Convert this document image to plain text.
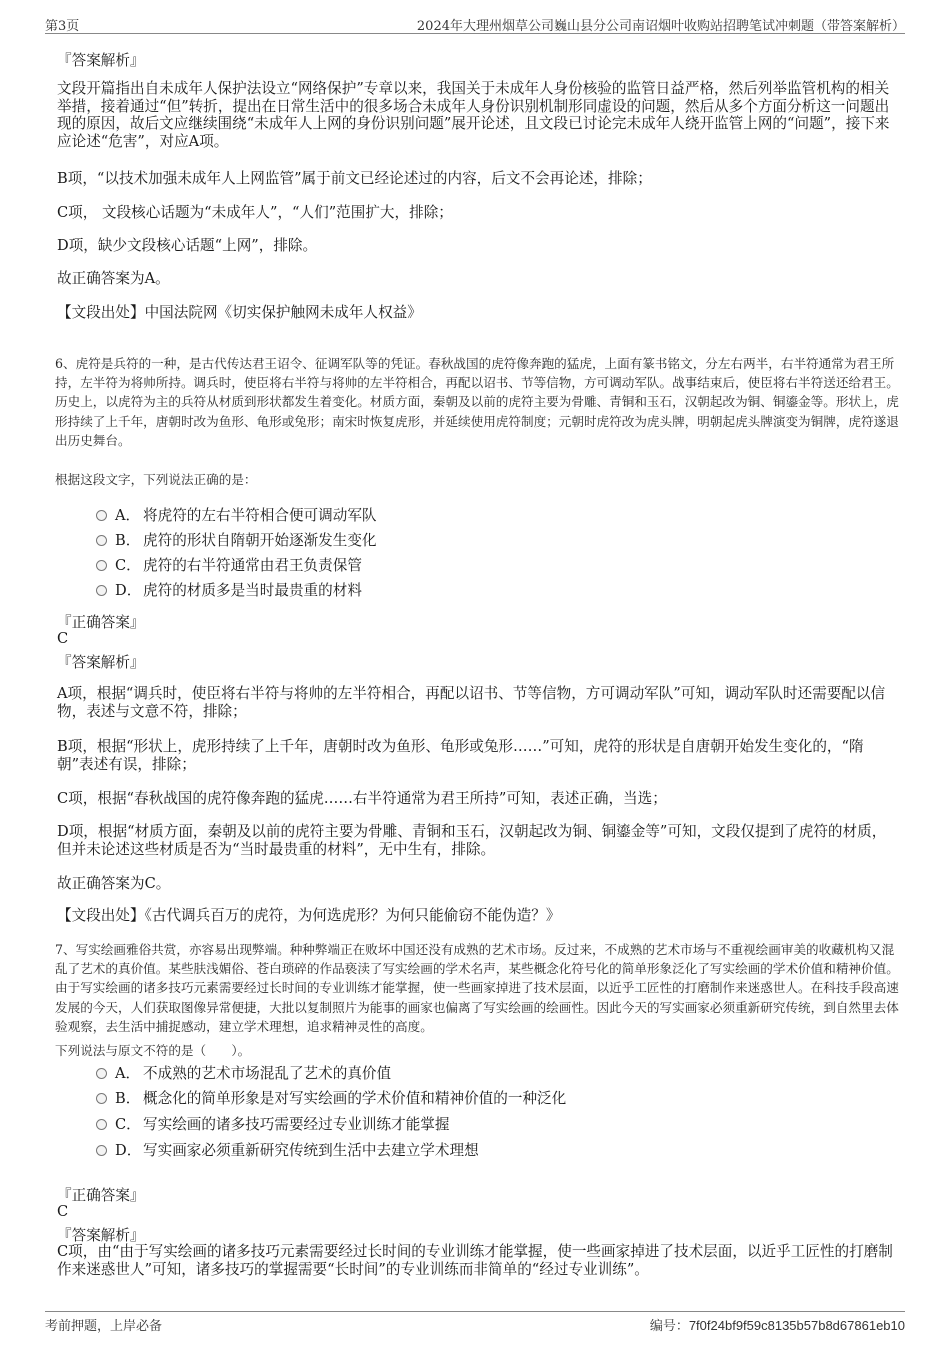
第3页	2024年大理州烟草公司巍山县分公司南诏烟叶收购站招聘笔试冲刺题（带答案解析）
『答案解析』
文段开篇指出自未成年人保护法设立“网络保护”专章以来，我国关于未成年人身份核验的监管日益严格，然后列举监管机构的相关举措，接着通过“但”转折，提出在日常生活中的很多场合未成年人身份识别机制形同虚设的问题，然后从多个方面分析这一问题出现的原因，故后文应继续围绕“未成年人上网的身份识别问题”展开论述，且文段已讨论完未成年人绕开监管上网的“问题”，接下来应论述“危害”，对应A项。
B项，“以技术加强未成年人上网监管”属于前文已经论述过的内容，后文不会再论述，排除；
C项， 文段核心话题为“未成年人”，“人们”范围扩大，排除；
D项，缺少文段核心话题“上网”，排除。
故正确答案为A。
【文段出处】中国法院网《切实保护触网未成年人权益》
6、虎符是兵符的一种，是古代传达君王诏令、征调军队等的凭证。春秋战国的虎符像奔跑的猛虎，上面有篆书铭文，分左右两半，右半符通常为君王所持，左半符为将帅所持。调兵时，使臣将右半符与将帅的左半符相合，再配以诏书、节等信物，方可调动军队。战事结束后，使臣将右半符送还给君王。历史上，以虎符为主的兵符从材质到形状都发生着变化。材质方面，秦朝及以前的虎符主要为骨雕、青铜和玉石，汉朝起改为铜、铜鎏金等。形状上，虎形持续了上千年，唐朝时改为鱼形、龟形或兔形；南宋时恢复虎形，并延续使用虎符制度；元朝时虎符改为虎头牌，明朝起虎头牌演变为铜牌，虎符遂退出历史舞台。
根据这段文字，下列说法正确的是：
A． 将虎符的左右半符相合便可调动军队
B． 虎符的形状自隋朝开始逐渐发生变化
C． 虎符的右半符通常由君王负责保管
D． 虎符的材质多是当时最贵重的材料
『正确答案』
C
『答案解析』
A项，根据“调兵时，使臣将右半符与将帅的左半符相合，再配以诏书、节等信物，方可调动军队”可知，调动军队时还需要配以信物，表述与文意不符，排除；
B项，根据“形状上，虎形持续了上千年，唐朝时改为鱼形、龟形或兔形……”可知，虎符的形状是自唐朝开始发生变化的，“隋朝”表述有误，排除；
C项，根据“春秋战国的虎符像奔跑的猛虎……右半符通常为君王所持”可知，表述正确，当选；
D项，根据“材质方面，秦朝及以前的虎符主要为骨雕、青铜和玉石，汉朝起改为铜、铜鎏金等”可知，文段仅提到了虎符的材质，但并未论述这些材质是否为“当时最贵重的材料”，无中生有，排除。
故正确答案为C。
【文段出处】《古代调兵百万的虎符，为何选虎形？为何只能偷窃不能伪造？》
7、写实绘画雅俗共赏，亦容易出现弊端。种种弊端正在败坏中国还没有成熟的艺术市场。反过来，不成熟的艺术市场与不重视绘画审美的收藏机构又混乱了艺术的真价值。某些肤浅媚俗、苍白琐碎的作品亵渎了写实绘画的学术名声，某些概念化符号化的简单形象泛化了写实绘画的学术价值和精神价值。由于写实绘画的诸多技巧元素需要经过长时间的专业训练才能掌握，使一些画家掉进了技术层面，以近乎工匠性的打磨制作来迷惑世人。在科技手段高速发展的今天，人们获取图像异常便捷，大批以复制照片为能事的画家也偏离了写实绘画的绘画性。因此今天的写实画家必须重新研究传统，到自然里去体验观察，去生活中捕捉感动，建立学术理想，追求精神灵性的高度。
下列说法与原文不符的是（　　）。
A． 不成熟的艺术市场混乱了艺术的真价值
B． 概念化的简单形象是对写实绘画的学术价值和精神价值的一种泛化
C． 写实绘画的诸多技巧需要经过专业训练才能掌握
D． 写实画家必须重新研究传统到生活中去建立学术理想
『正确答案』
C
『答案解析』
C项，由“由于写实绘画的诸多技巧元素需要经过长时间的专业训练才能掌握，使一些画家掉进了技术层面，以近乎工匠性的打磨制作来迷惑世人”可知，诸多技巧的掌握需要“长时间”的专业训练而非简单的“经过专业训练”。
考前押题，上岸必备	编号：7f0f24bf9f59c8135b57b8d67861eb10
